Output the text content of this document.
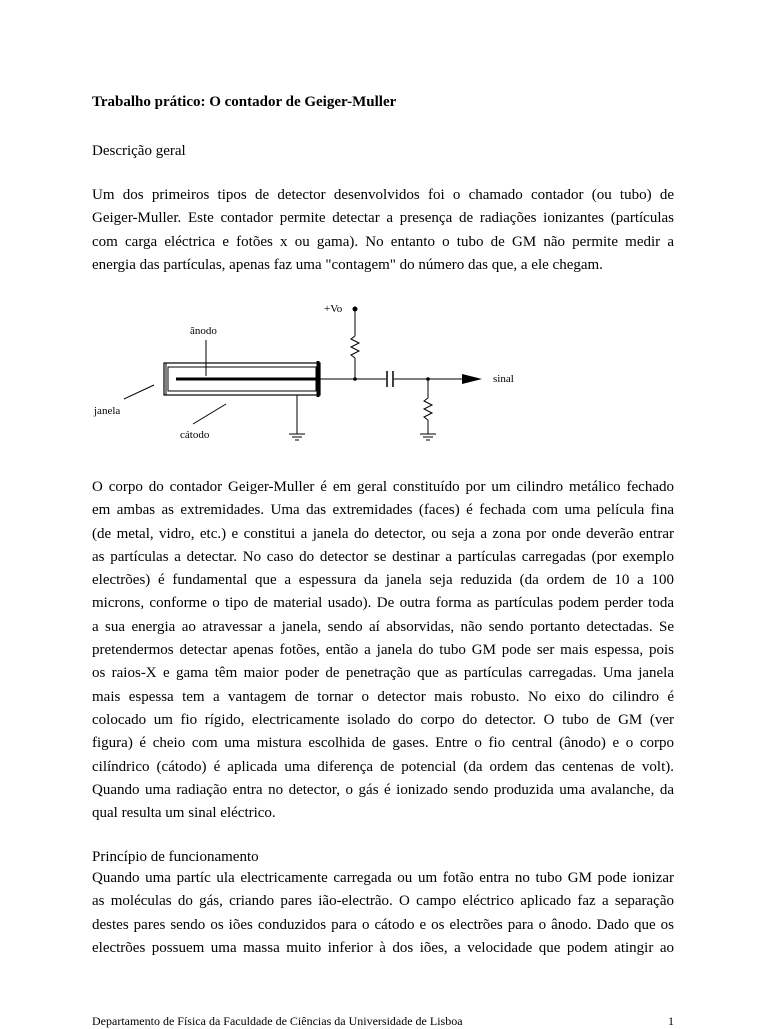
Trabalho prático: O contador de Geiger-Muller
Descrição geral
Um dos primeiros tipos de detector desenvolvidos foi o chamado contador (ou tubo) de
Geiger-Muller. Este contador permite detectar a presença de radiações ionizantes (partículas
com carga eléctrica e fotões x ou gama). No entanto o tubo de GM não permite medir a
energia das partículas, apenas faz uma "contagem" do número das que, a ele chegam.
+Vo
ânodo
sinal
janela
cátodo
O corpo do contador Geiger-Muller é em geral constituído por um cilindro metálico fechado
em ambas as extremidades. Uma das extremidades (faces) é fechada com uma película fina
(de metal, vidro, etc.) e constitui a janela do detector, ou seja a zona por onde deverão entrar
as partículas a detectar. No caso do detector se destinar a partículas carregadas (por exemplo
electrões) é fundamental que a espessura da janela seja reduzida (da ordem de 10 a 100
microns, conforme o tipo de material usado). De outra forma as partículas podem perder toda
a sua energia ao atravessar a janela, sendo aí absorvidas, não sendo portanto detectadas. Se
pretendermos detectar apenas fotões, então a janela do tubo GM pode ser mais espessa, pois
os raios-X e gama têm maior poder de penetração que as partículas carregadas. Uma janela
mais espessa tem a vantagem de tornar o detector mais robusto. No eixo do cilindro é
colocado um fio rígido, electricamente isolado do corpo do detector. O tubo de GM (ver
figura) é cheio com uma mistura escolhida de gases. Entre o fio central (ânodo) e o corpo
cilíndrico (cátodo) é aplicada uma diferença de potencial (da ordem das centenas de volt).
Quando uma radiação entra no detector, o gás é ionizado sendo produzida uma avalanche, da
qual resulta um sinal eléctrico.
Princípio de funcionamento
Quando uma partíc ula electricamente carregada ou um fotão entra no tubo GM pode ionizar
as moléculas do gás, criando pares ião-electrão. O campo eléctrico aplicado faz a separação
destes pares sendo os iões conduzidos para o cátodo e os electrões para o ânodo. Dado que os
electrões possuem uma massa muito inferior à dos iões, a velocidade que podem atingir ao

Departamento de Física da Faculdade de Ciências da Universidade de Lisboa	1
